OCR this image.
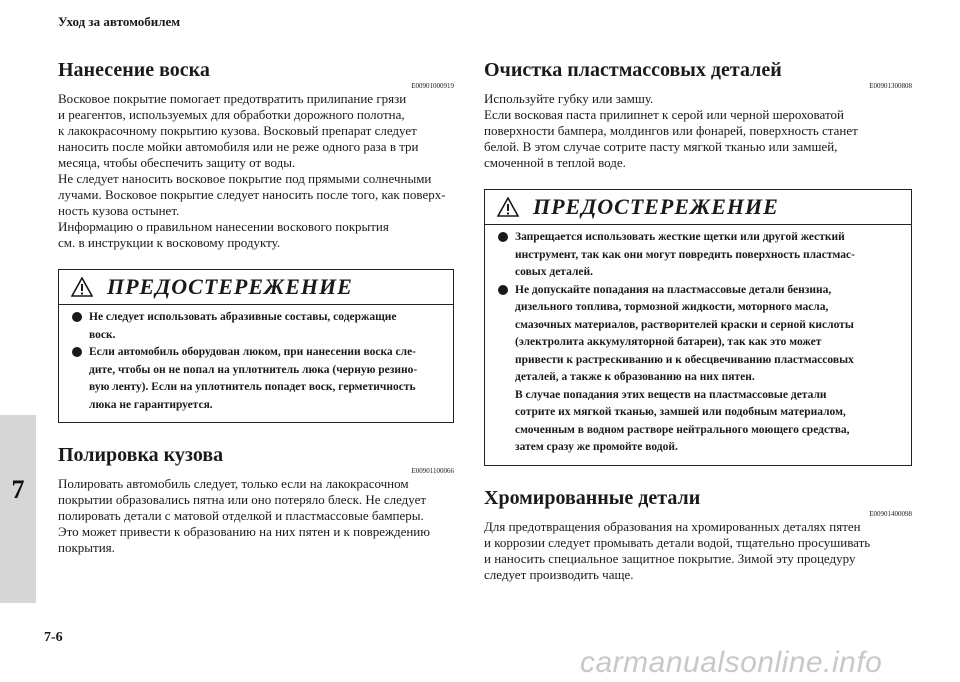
Уход за автомобилем
7
7-6
carmanualsonline.info
Нанесение воска
E00901000919

Восковое покрытие помогает предотвратить прилипание грязи
и реагентов, используемых для обработки дорожного полотна,
к лакокрасочному покрытию кузова. Восковый препарат следует
наносить после мойки автомобиля или не реже одного раза в три
месяца, чтобы обеспечить защиту от воды.
Не следует наносить восковое покрытие под прямыми солнечными
лучами. Восковое покрытие следует наносить после того, как поверх-
ность кузова остынет.
Информацию о правильном нанесении воскового покрытия
см. в инструкции к восковому продукту.

ПРЕДОСТЕРЕЖЕНИЕ
Не следует использовать абразивные составы, содержащие
воск.
Если автомобиль оборудован люком, при нанесении воска сле-
дите, чтобы он не попал на уплотнитель люка (черную резино-
вую ленту). Если на уплотнитель попадет воск, герметичность
люка не гарантируется.
Полировка кузова
E00901100066

Полировать автомобиль следует, только если на лакокрасочном
покрытии образовались пятна или оно потеряло блеск. Не следует
полировать детали с матовой отделкой и пластмассовые бамперы.
Это может привести к образованию на них пятен и к повреждению
покрытия.

Очистка пластмассовых деталей
E00901300808

Используйте губку или замшу.
Если восковая паста прилипнет к серой или черной шероховатой
поверхности бампера, молдингов или фонарей, поверхность станет
белой. В этом случае сотрите пасту мягкой тканью или замшей,
смоченной в теплой воде.

ПРЕДОСТЕРЕЖЕНИЕ
Запрещается использовать жесткие щетки или другой жесткий
инструмент, так как они могут повредить поверхность пластмас-
совых деталей.
Не допускайте попадания на пластмассовые детали бензина,
дизельного топлива, тормозной жидкости, моторного масла,
смазочных материалов, растворителей краски и серной кислоты
(электролита аккумуляторной батареи), так как это может
привести к растрескиванию и к обесцвечиванию пластмассовых
деталей, а также к образованию на них пятен.
В случае попадания этих веществ на пластмассовые детали
сотрите их мягкой тканью, замшей или подобным материалом,
смоченным в водном растворе нейтрального моющего средства,
затем сразу же промойте водой.
Хромированные детали
E00901400098

Для предотвращения образования на хромированных деталях пятен
и коррозии следует промывать детали водой, тщательно просушивать
и наносить специальное защитное покрытие. Зимой эту процедуру
следует производить чаще.
